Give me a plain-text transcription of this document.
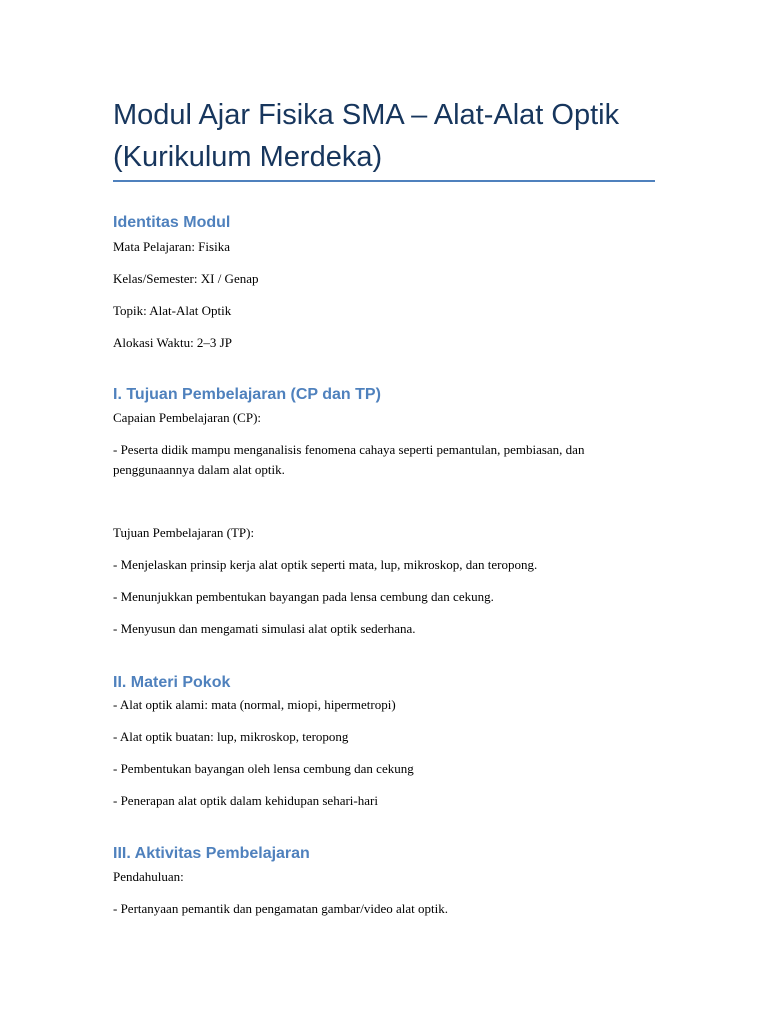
Modul Ajar Fisika SMA – Alat-Alat Optik (Kurikulum Merdeka)
Identitas Modul

Mata Pelajaran: Fisika

Kelas/Semester: XI / Genap

Topik: Alat-Alat Optik

Alokasi Waktu: 2–3 JP

I. Tujuan Pembelajaran (CP dan TP)

Capaian Pembelajaran (CP):

- Peserta didik mampu menganalisis fenomena cahaya seperti pemantulan, pembiasan, dan penggunaannya dalam alat optik.

Tujuan Pembelajaran (TP):

- Menjelaskan prinsip kerja alat optik seperti mata, lup, mikroskop, dan teropong.

- Menunjukkan pembentukan bayangan pada lensa cembung dan cekung.

- Menyusun dan mengamati simulasi alat optik sederhana.

II. Materi Pokok

- Alat optik alami: mata (normal, miopi, hipermetropi)

- Alat optik buatan: lup, mikroskop, teropong

- Pembentukan bayangan oleh lensa cembung dan cekung

- Penerapan alat optik dalam kehidupan sehari-hari

III. Aktivitas Pembelajaran

Pendahuluan:

- Pertanyaan pemantik dan pengamatan gambar/video alat optik.
